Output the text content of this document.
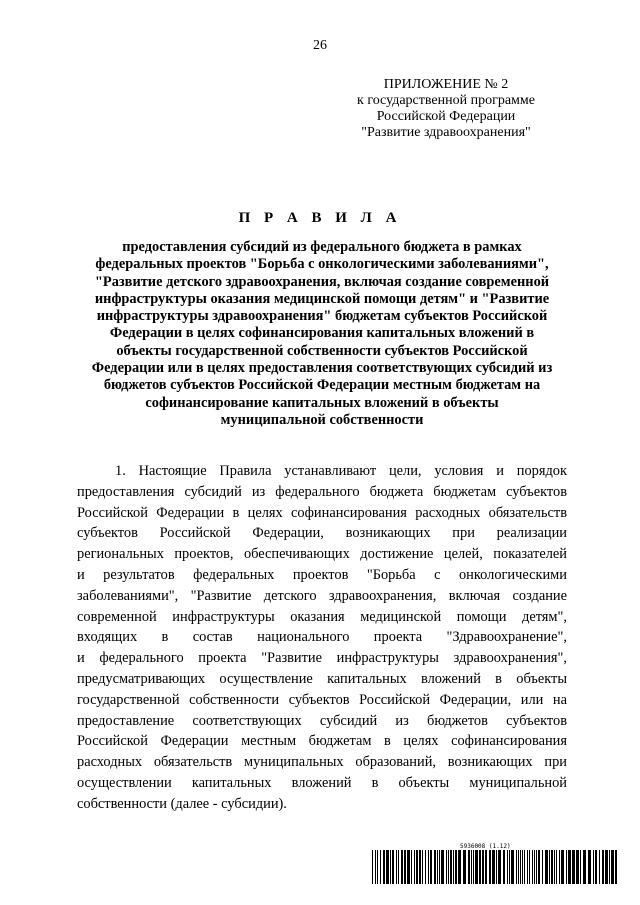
26
ПРИЛОЖЕНИЕ № 2
к государственной программе
Российской Федерации
"Развитие здравоохранения"
П Р А В И Л А
предоставления субсидий из федерального бюджета в рамках
федеральных проектов "Борьба с онкологическими заболеваниями",
"Развитие детского здравоохранения, включая создание современной
инфраструктуры оказания медицинской помощи детям" и "Развитие
инфраструктуры здравоохранения" бюджетам субъектов Российской
Федерации в целях софинансирования капитальных вложений в
объекты государственной собственности субъектов Российской
Федерации или в целях предоставления соответствующих субсидий из
бюджетов субъектов Российской Федерации местным бюджетам на
софинансирование капитальных вложений в объекты
муниципальной собственности
1. Настоящие Правила устанавливают цели, условия и порядок
предоставления субсидий из федерального бюджета бюджетам субъектов
Российской Федерации в целях софинансирования расходных обязательств
субъектов Российской Федерации, возникающих при реализации
региональных проектов, обеспечивающих достижение целей, показателей
и результатов федеральных проектов "Борьба с онкологическими
заболеваниями", "Развитие детского здравоохранения, включая создание
современной инфраструктуры оказания медицинской помощи детям",
входящих в состав национального проекта "Здравоохранение",
и федерального проекта "Развитие инфраструктуры здравоохранения",
предусматривающих осуществление капитальных вложений в объекты
государственной собственности субъектов Российской Федерации, или на
предоставление соответствующих субсидий из бюджетов субъектов
Российской Федерации местным бюджетам в целях софинансирования
расходных обязательств муниципальных образований, возникающих при
осуществлении капитальных вложений в объекты муниципальной
собственности (далее - субсидии).
5936008 (1.12)
